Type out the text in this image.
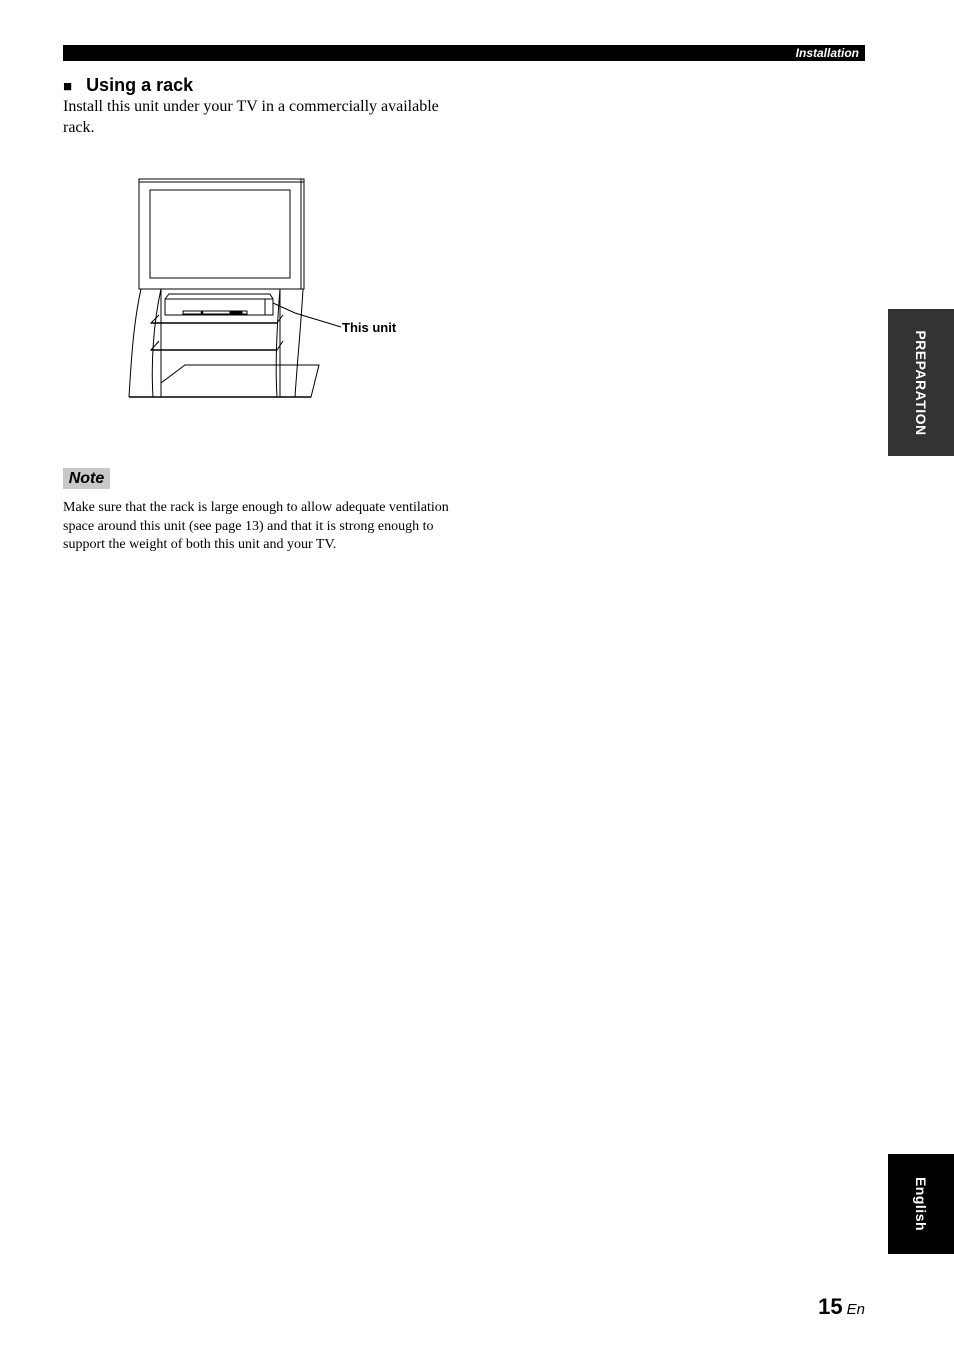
Installation
■ Using a rack
Install this unit under your TV in a commercially available rack.
This unit
Note
Make sure that the rack is large enough to allow adequate ventilation space around this unit (see page 13) and that it is strong enough to support the weight of both this unit and your TV.
PREPARATION
English
15 En
